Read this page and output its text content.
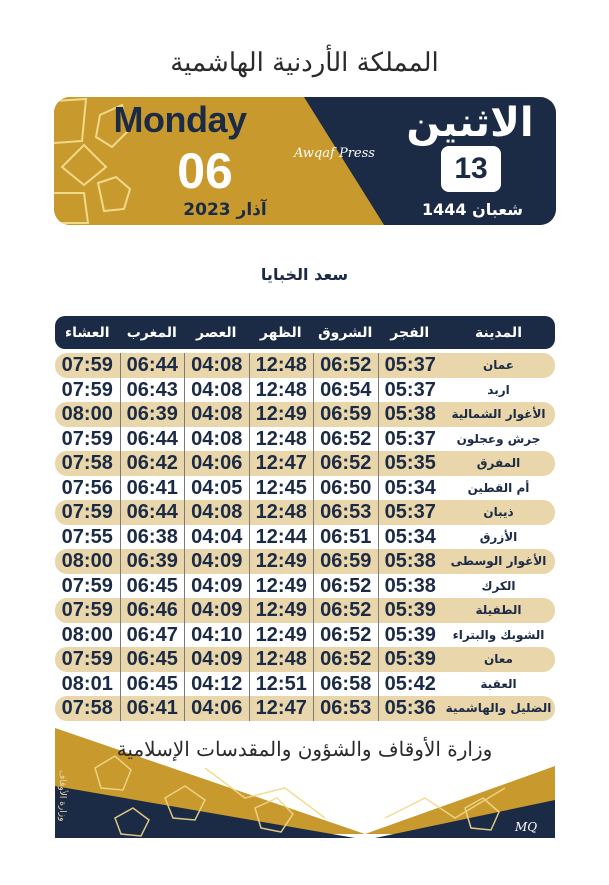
المملكة الأردنية الهاشمية
Monday
06
آذار 2023
Awqaf Press
الاثنين
13
شعبان 1444
سعد الخبايا
المدينة
الفجر
الشروق
الظهر
العصر
المغرب
العشاء
عمان
05:37
06:52
12:48
04:08
06:44
07:59
اربد
05:37
06:54
12:48
04:08
06:43
07:59
الأغوار الشمالية
05:38
06:59
12:49
04:08
06:39
08:00
جرش وعجلون
05:37
06:52
12:48
04:08
06:44
07:59
المفرق
05:35
06:52
12:47
04:06
06:42
07:58
أم القطين
05:34
06:50
12:45
04:05
06:41
07:56
ذيبان
05:37
06:53
12:48
04:08
06:44
07:59
الأزرق
05:34
06:51
12:44
04:04
06:38
07:55
الأغوار الوسطى
05:38
06:59
12:49
04:09
06:39
08:00
الكرك
05:38
06:52
12:49
04:09
06:45
07:59
الطفيلة
05:39
06:52
12:49
04:09
06:46
07:59
الشوبك والبتراء
05:39
06:52
12:49
04:10
06:47
08:00
معان
05:39
06:52
12:48
04:09
06:45
07:59
العقبة
05:42
06:58
12:51
04:12
06:45
08:01
الضليل والهاشمية
05:36
06:53
12:47
04:06
06:41
07:58
وزارة الأوقاف والشؤون والمقدسات الإسلامية
وزارة الأوقاف
MQ
